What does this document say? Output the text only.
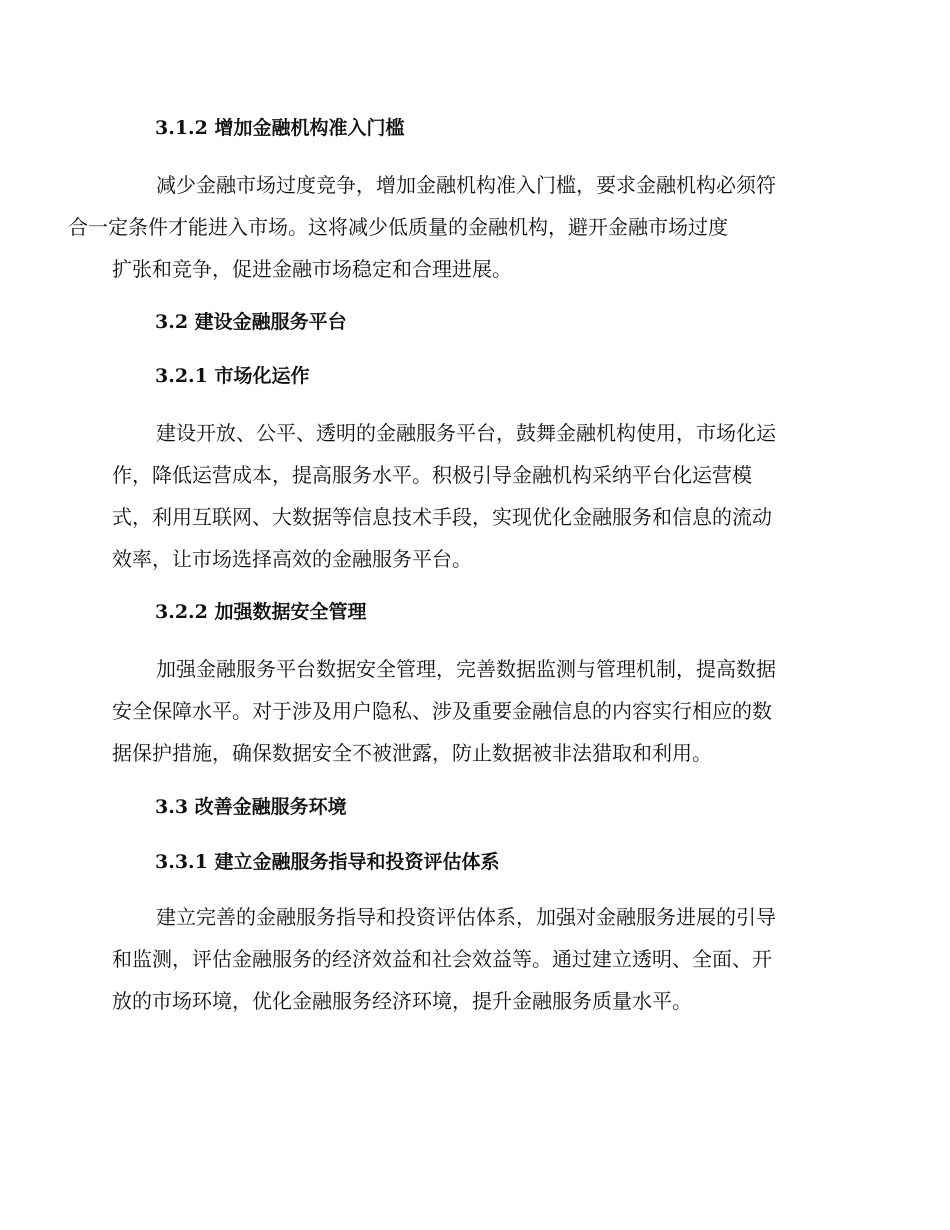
3.1.2 增加金融机构准入门槛
减少金融市场过度竞争，增加金融机构准入门槛，要求金融机构必须符
合一定条件才能进入市场。这将减少低质量的金融机构，避开金融市场过度
扩张和竞争，促进金融市场稳定和合理进展。
3.2 建设金融服务平台
3.2.1 市场化运作
建设开放、公平、透明的金融服务平台，鼓舞金融机构使用，市场化运
作，降低运营成本，提高服务水平。积极引导金融机构采纳平台化运营模
式，利用互联网、大数据等信息技术手段，实现优化金融服务和信息的流动
效率，让市场选择高效的金融服务平台。
3.2.2 加强数据安全管理
加强金融服务平台数据安全管理，完善数据监测与管理机制，提高数据
安全保障水平。对于涉及用户隐私、涉及重要金融信息的内容实行相应的数
据保护措施，确保数据安全不被泄露，防止数据被非法猎取和利用。
3.3 改善金融服务环境
3.3.1 建立金融服务指导和投资评估体系
建立完善的金融服务指导和投资评估体系，加强对金融服务进展的引导
和监测，评估金融服务的经济效益和社会效益等。通过建立透明、全面、开
放的市场环境，优化金融服务经济环境，提升金融服务质量水平。
